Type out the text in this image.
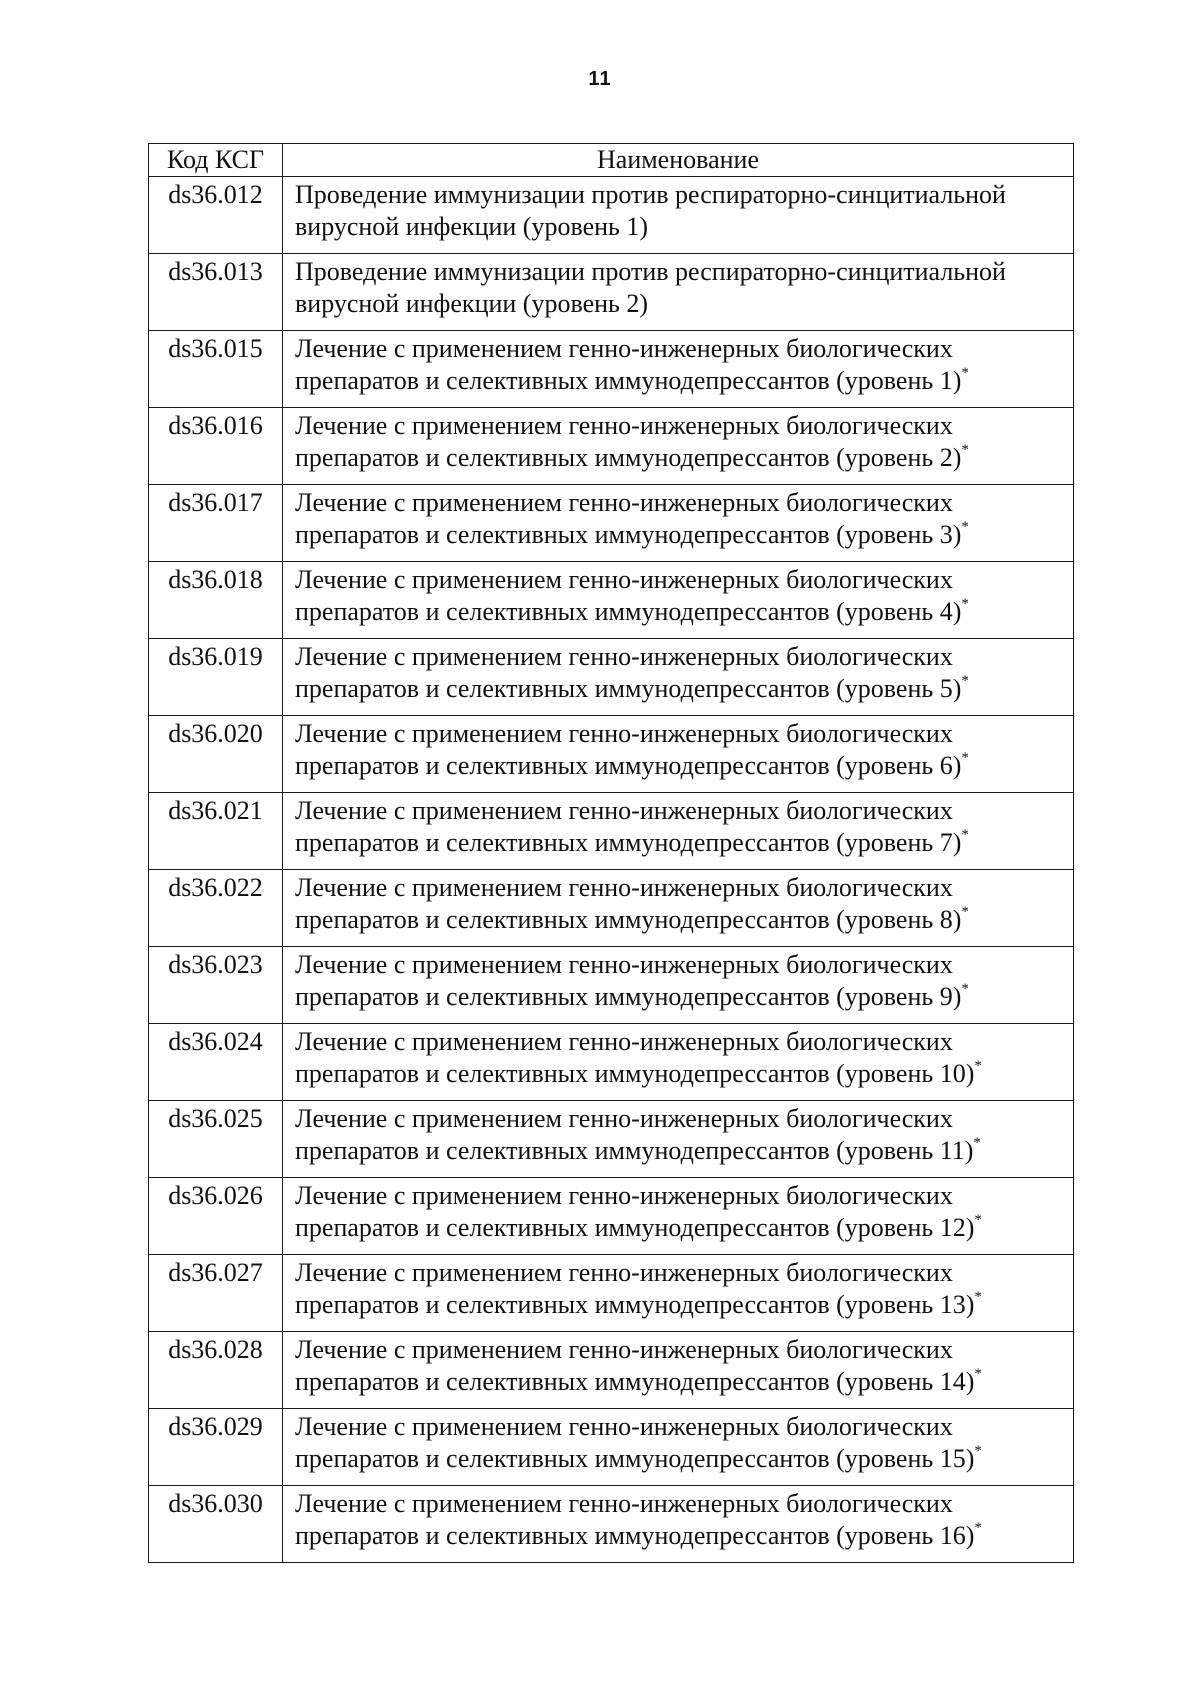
11
Код КСГ	Наименование
ds36.012	Проведение иммунизации против респираторно-синцитиальной вирусной инфекции (уровень 1)
ds36.013	Проведение иммунизации против респираторно-синцитиальной вирусной инфекции (уровень 2)
ds36.015	Лечение с применением генно-инженерных биологических препаратов и селективных иммунодепрессантов (уровень 1)*
ds36.016	Лечение с применением генно-инженерных биологических препаратов и селективных иммунодепрессантов (уровень 2)*
ds36.017	Лечение с применением генно-инженерных биологических препаратов и селективных иммунодепрессантов (уровень 3)*
ds36.018	Лечение с применением генно-инженерных биологических препаратов и селективных иммунодепрессантов (уровень 4)*
ds36.019	Лечение с применением генно-инженерных биологических препаратов и селективных иммунодепрессантов (уровень 5)*
ds36.020	Лечение с применением генно-инженерных биологических препаратов и селективных иммунодепрессантов (уровень 6)*
ds36.021	Лечение с применением генно-инженерных биологических препаратов и селективных иммунодепрессантов (уровень 7)*
ds36.022	Лечение с применением генно-инженерных биологических препаратов и селективных иммунодепрессантов (уровень 8)*
ds36.023	Лечение с применением генно-инженерных биологических препаратов и селективных иммунодепрессантов (уровень 9)*
ds36.024	Лечение с применением генно-инженерных биологических препаратов и селективных иммунодепрессантов (уровень 10)*
ds36.025	Лечение с применением генно-инженерных биологических препаратов и селективных иммунодепрессантов (уровень 11)*
ds36.026	Лечение с применением генно-инженерных биологических препаратов и селективных иммунодепрессантов (уровень 12)*
ds36.027	Лечение с применением генно-инженерных биологических препаратов и селективных иммунодепрессантов (уровень 13)*
ds36.028	Лечение с применением генно-инженерных биологических препаратов и селективных иммунодепрессантов (уровень 14)*
ds36.029	Лечение с применением генно-инженерных биологических препаратов и селективных иммунодепрессантов (уровень 15)*
ds36.030	Лечение с применением генно-инженерных биологических препаратов и селективных иммунодепрессантов (уровень 16)*
